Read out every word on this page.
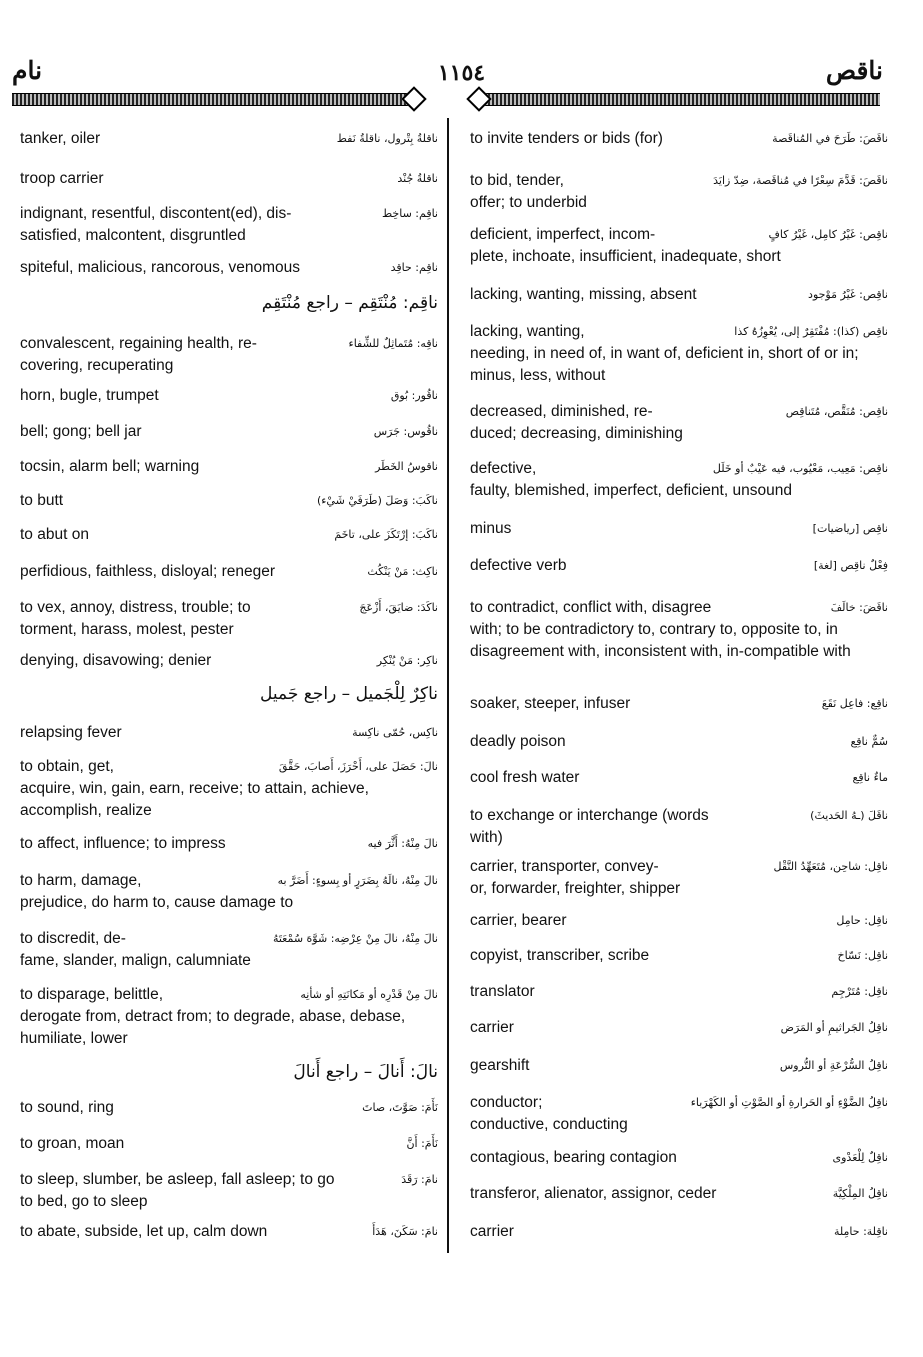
ناقص
١١٥٤
نام
ناقلةُ بِتْرول، ناقلةُ نَفط
tanker, oiler
ناقلةُ جُنْد
troop carrier
ناقِم: ساخِط
indignant, resentful, discontent(ed), dis-
satisfied, malcontent, disgruntled
ناقِم: حاقِد
spiteful, malicious, rancorous, venomous
ناقِم: مُنْتَقِم – راجع مُنْتَقِم
ناقِه: مُتَماثِلٌ للشِّفاء
convalescent, regaining health, re-
covering, recuperating
ناقُور: بُوق
horn, bugle, trumpet
ناقُوس: جَرَس
bell; gong; bell jar
ناقوسُ الخَطَر
tocsin, alarm bell; warning
ناكَبَ: وَصَلَ (طَرَفَيْ شَيْء)
to butt
ناكَبَ: إرْتَكَزَ على، تاخَمَ
to abut on
ناكِث: مَنْ يَنْكُث
perfidious, faithless, disloyal; reneger
ناكَدَ: ضايَقَ، أَزْعَجَ
to vex, annoy, distress, trouble; to
torment, harass, molest, pester
ناكِر: مَنْ يُنْكِر
denying, disavowing; denier
ناكِرٌ لِلْجَميل – راجع جَميل
ناكِس، حُمّى ناكِسة
relapsing fever
نالَ: حَصَلَ على، أَحْرَزَ، أَصابَ، حَقَّقَ
to obtain, get,
acquire, win, gain, earn, receive; to attain, achieve, accomplish, realize
نالَ مِنْهُ: أَثَّرَ فيه
to affect, influence; to impress
نالَ مِنْهُ، نالَهُ بِضَرَرٍ أو بِسوءٍ: أَضَرَّ به
to harm, damage,
prejudice, do harm to, cause damage to
نالَ مِنْهُ، نالَ مِنْ عِرْضِه: شَوَّهَ سُمْعَتَهُ
to discredit, de-
fame, slander, malign, calumniate
نالَ مِنْ قَدْرِه أو مَكانَتِهِ أو شأنِه
to disparage, belittle,
derogate from, detract from; to degrade, abase, debase, humiliate, lower
نالَ: أَنالَ – راجع أَنالَ
نَأَمَ: صَوَّتَ، صاتَ
to sound, ring
نَأَمَ: أَنَّ
to groan, moan
نامَ: رَقَدَ
to sleep, slumber, be asleep, fall asleep; to go
to bed, go to sleep
نامَ: سَكَنَ، هَدَأَ
to abate, subside, let up, calm down
ناقَصَ: طَرَحَ في المُناقَصة
to invite tenders or bids (for)
ناقَصَ: قَدَّمَ سِعْرًا في مُناقَصة، ضِدّ زايَدَ
to bid, tender,
offer; to underbid
ناقِص: غَيْرُ كامِل، غَيْرُ كافٍ
deficient, imperfect, incom-
plete, inchoate, insufficient, inadequate, short
ناقِص: غَيْرُ مَوْجود
lacking, wanting, missing, absent
ناقِص (كذا): مُفْتَقِرٌ إلى، يُعْوِزُهُ كذا
lacking, wanting,
needing, in need of, in want of, deficient in, short of or in; minus, less, without
ناقِص: مُنَقَّص، مُتَناقِص
decreased, diminished, re-
duced; decreasing, diminishing
ناقِص: مَعِيب، مَعْيُوب، فيه عَيْبٌ أو خَلَل
defective,
faulty, blemished, imperfect, deficient, unsound
ناقِص [رياضيات]
minus
فِعْلٌ ناقِص [لغة]
defective verb
ناقَضَ: خالَفَ
to contradict, conflict with, disagree
with; to be contradictory to, contrary to, opposite to, in disagreement with, inconsistent with, in-compatible with
ناقِع: فاعِل نَقَعَ
soaker, steeper, infuser
سُمٌّ ناقِع
deadly poison
ماءٌ ناقِع
cool fresh water
ناقَلَ (ـهُ الحَديثَ)
to exchange or interchange (words
with)
ناقِل: شاحِن، مُتَعَهِّدُ النَّقْل
carrier, transporter, convey-
or, forwarder, freighter, shipper
ناقِل: حامِل
carrier, bearer
ناقِل: نَسّاخ
copyist, transcriber, scribe
ناقِل: مُتَرْجِم
translator
ناقِلُ الجَراثيمِ أو المَرَض
carrier
ناقِلُ السُّرْعَةِ أو التُّروس
gearshift
ناقِلُ الضَّوْءِ أو الحَرارةِ أو الصَّوْتِ أو الكَهْرَباء
conductor;
conductive, conducting
ناقِلٌ لِلْعَدْوى
contagious, bearing contagion
ناقِلُ المِلْكِيَّة
transferor, alienator, assignor, ceder
ناقِلة: حامِلة
carrier
